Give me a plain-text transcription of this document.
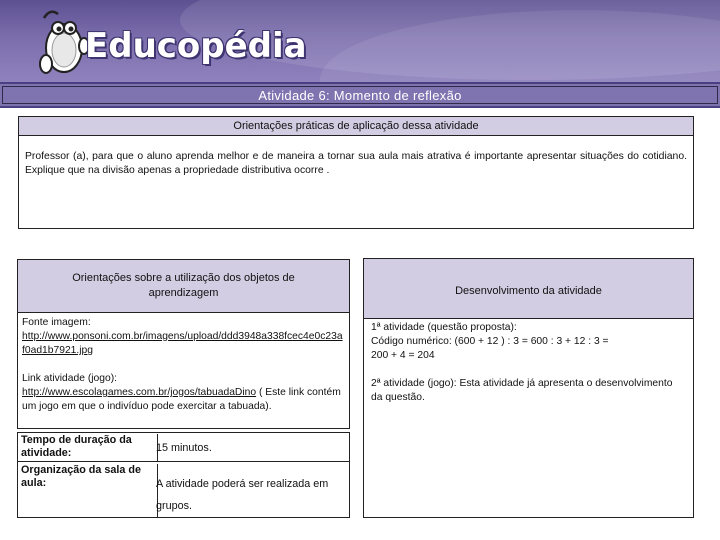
Educopédia
Atividade 6: Momento de reflexão
Orientações práticas de aplicação dessa atividade
Professor (a), para que o aluno aprenda melhor e de maneira a tornar sua aula mais atrativa é importante apresentar situações do cotidiano. Explique que na divisão apenas a propriedade distributiva ocorre .
Orientações sobre a utilização dos objetos de aprendizagem
Fonte imagem:
http://www.ponsoni.com.br/imagens/upload/ddd3948a338fcec4e0c23af0ad1b7921.jpg
Link atividade (jogo):
http://www.escolagames.com.br/jogos/tabuadaDino ( Este link contém um jogo em que o indivíduo pode exercitar a tabuada).
Tempo de duração da atividade:	15 minutos.
Organização da sala de aula:	A atividade poderá ser realizada em grupos.
Desenvolvimento da atividade
1ª atividade (questão proposta):
Código numérico: (600 + 12 ) : 3 = 600 : 3 + 12 : 3 =
200 + 4 = 204
2ª atividade (jogo): Esta atividade já apresenta o desenvolvimento da questão.
